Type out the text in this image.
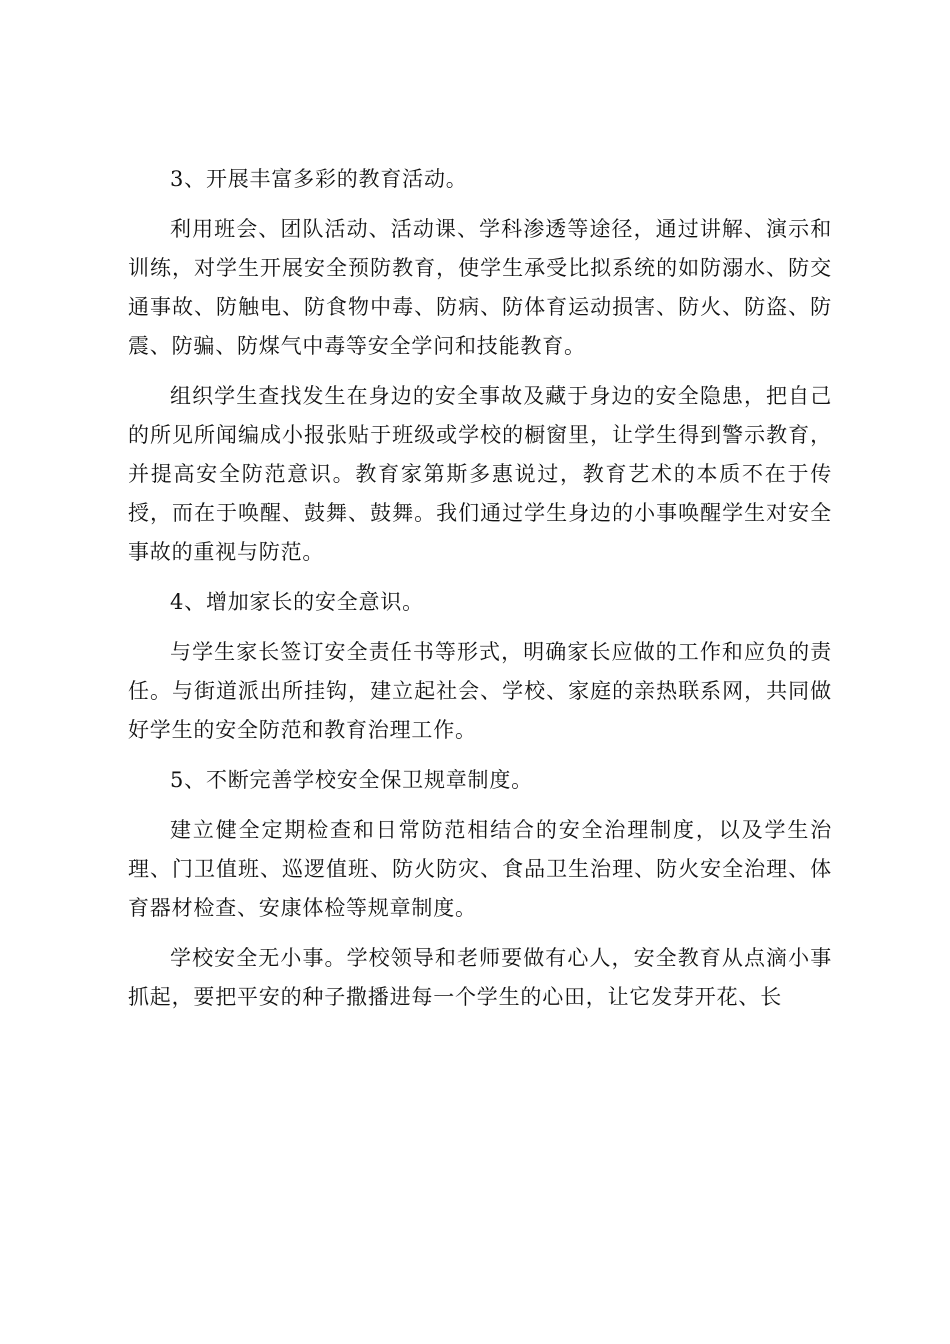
3、开展丰富多彩的教育活动。

利用班会、团队活动、活动课、学科渗透等途径，通过讲解、演示和训练，对学生开展安全预防教育，使学生承受比拟系统的如防溺水、防交通事故、防触电、防食物中毒、防病、防体育运动损害、防火、防盗、防震、防骗、防煤气中毒等安全学问和技能教育。

组织学生查找发生在身边的安全事故及藏于身边的安全隐患，把自己的所见所闻编成小报张贴于班级或学校的橱窗里，让学生得到警示教育，并提高安全防范意识。教育家第斯多惠说过，教育艺术的本质不在于传授，而在于唤醒、鼓舞、鼓舞。我们通过学生身边的小事唤醒学生对安全事故的重视与防范。

4、增加家长的安全意识。

与学生家长签订安全责任书等形式，明确家长应做的工作和应负的责任。与街道派出所挂钩，建立起社会、学校、家庭的亲热联系网，共同做好学生的安全防范和教育治理工作。

5、不断完善学校安全保卫规章制度。

建立健全定期检查和日常防范相结合的安全治理制度，以及学生治理、门卫值班、巡逻值班、防火防灾、食品卫生治理、防火安全治理、体育器材检查、安康体检等规章制度。

学校安全无小事。学校领导和老师要做有心人，安全教育从点滴小事抓起，要把平安的种子撒播进每一个学生的心田，让它发芽开花、长
